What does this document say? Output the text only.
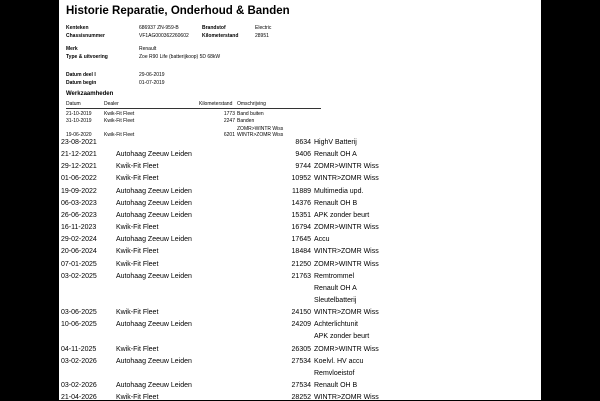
Historie Reparatie, Onderhoud & Banden
Kenteken	686937 ZN-959-B	Brandstof	Electric
Chassisnummer	VF1AG000362260602	Kilometerstand	28951
Merk	Renault
Type & uitvoering	Zoe R90 Life (batterijkoop) 5D 68kW
Datum deel I	29-06-2019
Datum begin	01-07-2019
Werkzaamheden
Datum	Dealer	Kilometerstand Omschrijving
21-10-2019 Kwik-Fit Fleet	1773 Band buiten
31-10-2019 Kwik-Fit Fleet	2247 Banden
ZOMR>WINTR Wiss
19-06-2020 Kwik-Fit Fleet	6201 WINTR>ZOMR Wiss
23-08-2021	8634 HighV Batterij
21-12-2021	Autohaag Zeeuw Leiden	9406 Renault OH A
29-12-2021	Kwik-Fit Fleet	9744 ZOMR>WINTR Wiss
01-06-2022	Kwik-Fit Fleet	10952 WINTR>ZOMR Wiss
19-09-2022	Autohaag Zeeuw Leiden	11889 Multimedia upd.
06-03-2023	Autohaag Zeeuw Leiden	14376 Renault OH B
26-06-2023	Autohaag Zeeuw Leiden	15351 APK zonder beurt
16-11-2023	Kwik-Fit Fleet	16794 ZOMR>WINTR Wiss
29-02-2024	Autohaag Zeeuw Leiden	17645 Accu
20-06-2024	Kwik-Fit Fleet	18484 WINTR>ZOMR Wiss
07-01-2025	Kwik-Fit Fleet	21250 ZOMR>WINTR Wiss
03-02-2025	Autohaag Zeeuw Leiden	21763 Remtrommel
Renault OH A
Sleutelbatterij
03-06-2025	Kwik-Fit Fleet	24150 WINTR>ZOMR Wiss
10-06-2025	Autohaag Zeeuw Leiden	24209 Achterlichtunit
APK zonder beurt
04-11-2025	Kwik-Fit Fleet	26305 ZOMR>WINTR Wiss
03-02-2026	Autohaag Zeeuw Leiden	27534 Koelvl. HV accu
Remvloeistof
03-02-2026	Autohaag Zeeuw Leiden	27534 Renault OH B
21-04-2026	Kwik-Fit Fleet	28252 WINTR>ZOMR Wiss
